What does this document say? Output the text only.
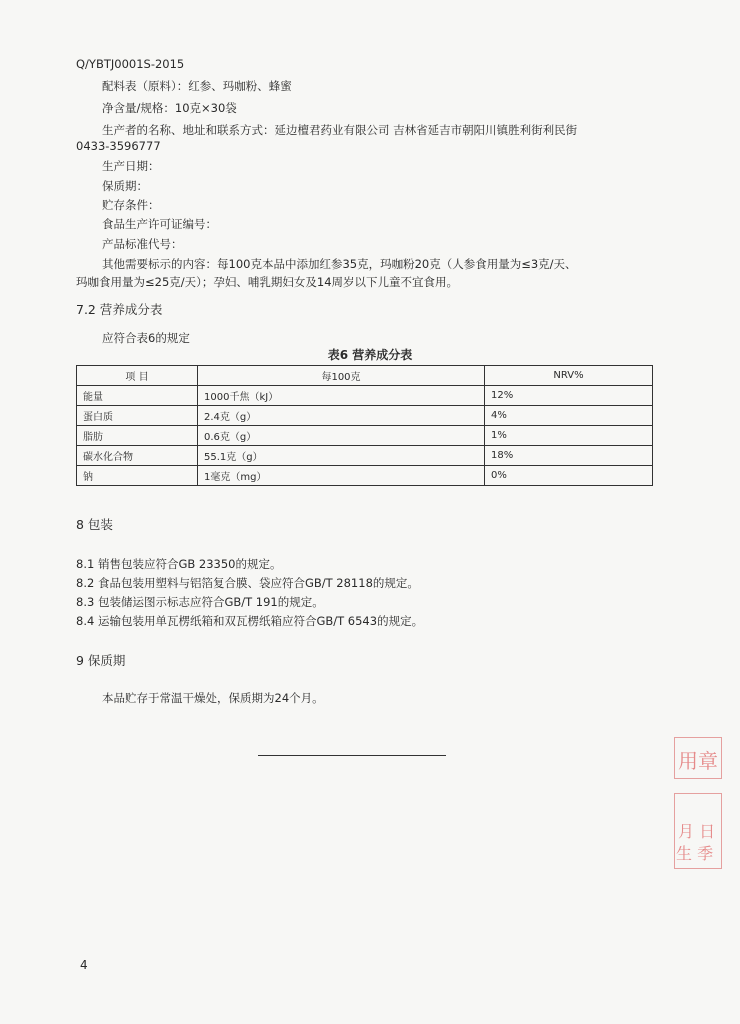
Q/YBTJ0001S-2015
配料表（原料）：红参、玛咖粉、蜂蜜
净含量/规格：10克×30袋
生产者的名称、地址和联系方式：延边檀君药业有限公司 吉林省延吉市朝阳川镇胜利街利民街
0433-3596777
生产日期：
保质期：
贮存条件：
食品生产许可证编号：
产品标准代号：
其他需要标示的内容：每100克本品中添加红参35克，玛咖粉20克（人参食用量为≤3克/天、
玛咖食用量为≤25克/天）；孕妇、哺乳期妇女及14周岁以下儿童不宜食用。
7.2 营养成分表
应符合表6的规定
表6 营养成分表
项 目	每100克	NRV%
能量	1000千焦（kJ）	12%
蛋白质	2.4克（g）	4%
脂肪	0.6克（g）	1%
碳水化合物	55.1克（g）	18%
钠	1毫克（mg）	0%
8 包装
8.1 销售包装应符合GB 23350的规定。
8.2 食品包装用塑料与铝箔复合膜、袋应符合GB/T 28118的规定。
8.3 包装储运图示标志应符合GB/T 191的规定。
8.4 运输包装用单瓦楞纸箱和双瓦楞纸箱应符合GB/T 6543的规定。
9 保质期
本品贮存于常温干燥处，保质期为24个月。
4
用章
月 日
生 季
